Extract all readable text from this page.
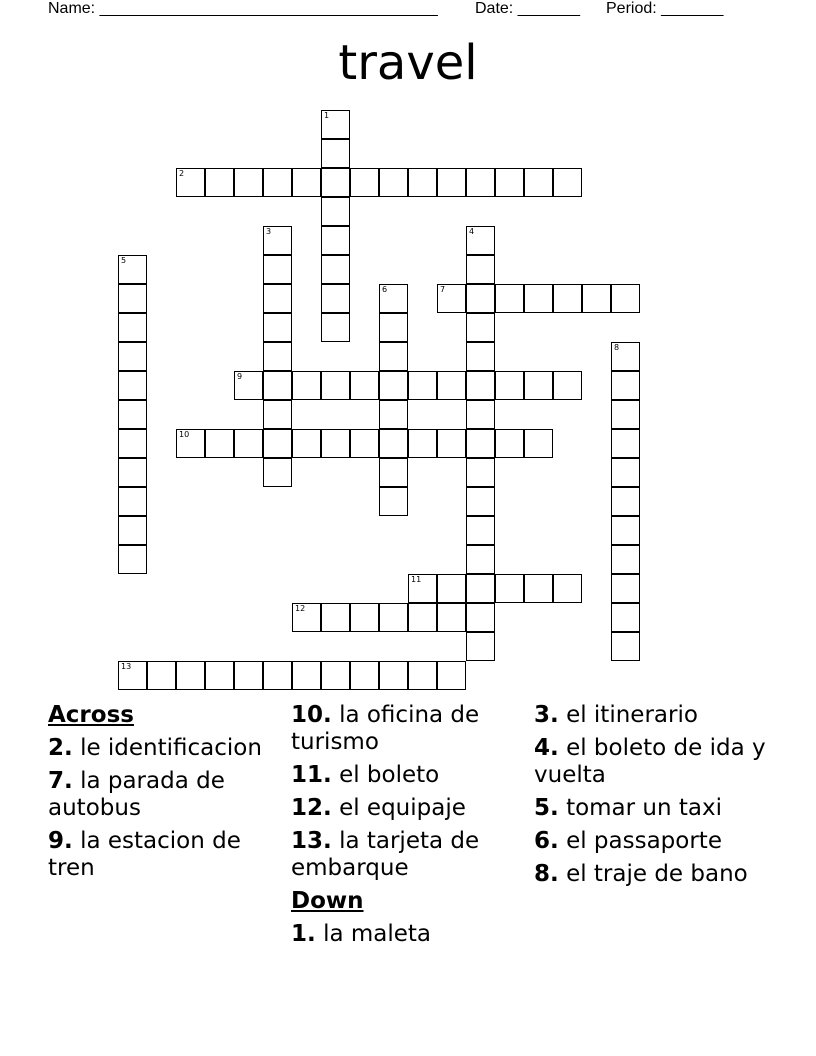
Name: ______________________________________

Date: _______

Period: _______

travel
1
2
3	4
5
6	7
8
9
10
11
12
13
Across
2. le identificacion
7. la parada de autobus
9. la estacion de tren
10. la oficina de turismo
11. el boleto
12. el equipaje
13. la tarjeta de embarque
Down
1. la maleta
3. el itinerario
4. el boleto de ida y vuelta
5. tomar un taxi
6. el passaporte
8. el traje de bano
